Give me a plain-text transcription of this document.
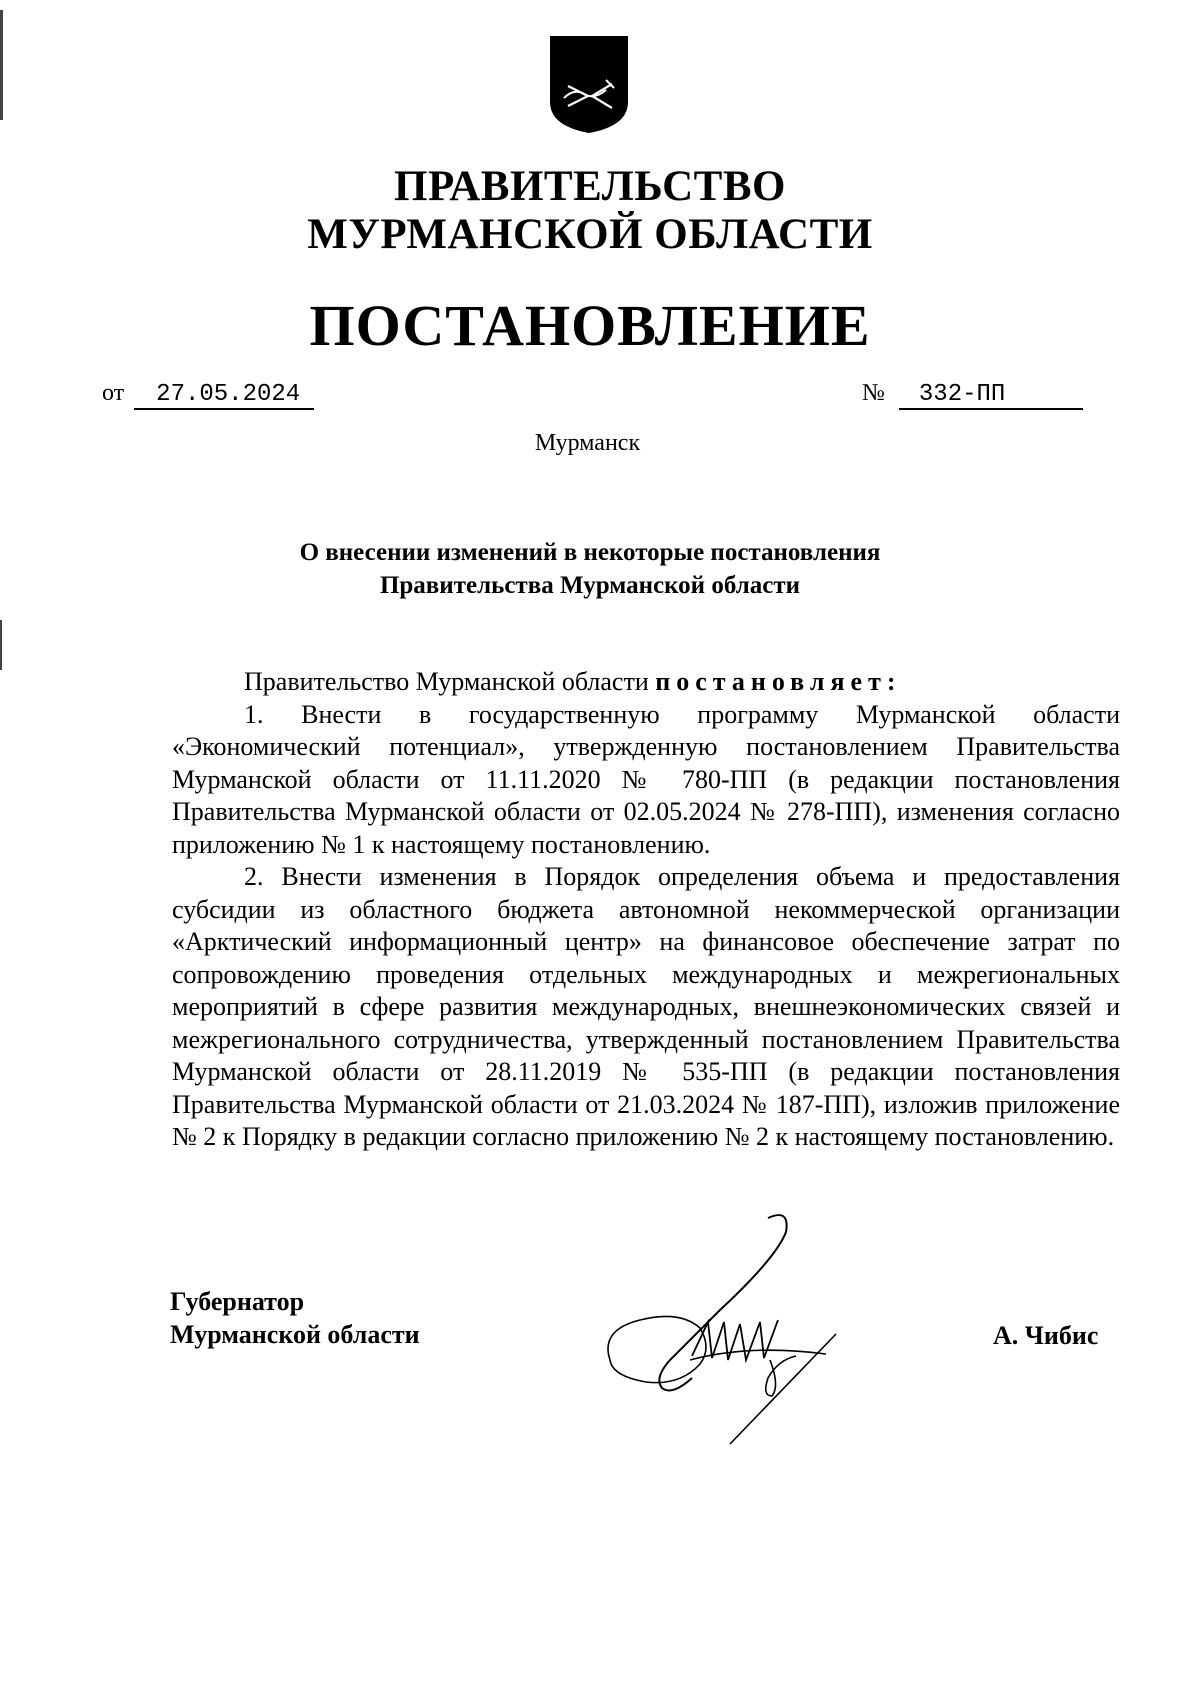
ПРАВИТЕЛЬСТВО
МУРМАНСКОЙ ОБЛАСТИ
ПОСТАНОВЛЕНИЕ
от 27.05.2024	№ 332-ПП
Мурманск
О внесении изменений в некоторые постановления
Правительства Мурманской области

Правительство Мурманской области постановляет:

1. Внести в государственную программу Мурманской области «Экономический потенциал», утвержденную постановлением Правительства Мурманской области от 11.11.2020 № 780-ПП (в редакции постановления Правительства Мурманской области от 02.05.2024 № 278-ПП), изменения согласно приложению № 1 к настоящему постановлению.

2. Внести изменения в Порядок определения объема и предоставления субсидии из областного бюджета автономной некоммерческой организации «Арктический информационный центр» на финансовое обеспечение затрат по сопровождению проведения отдельных международных и межрегиональных мероприятий в сфере развития международных, внешнеэкономических связей и межрегионального сотрудничества, утвержденный постановлением Правительства Мурманской области от 28.11.2019 № 535-ПП (в редакции постановления Правительства Мурманской области от 21.03.2024 № 187-ПП), изложив приложение № 2 к Порядку в редакции согласно приложению № 2 к настоящему постановлению.

Губернатор
Мурманской области	А. Чибис
